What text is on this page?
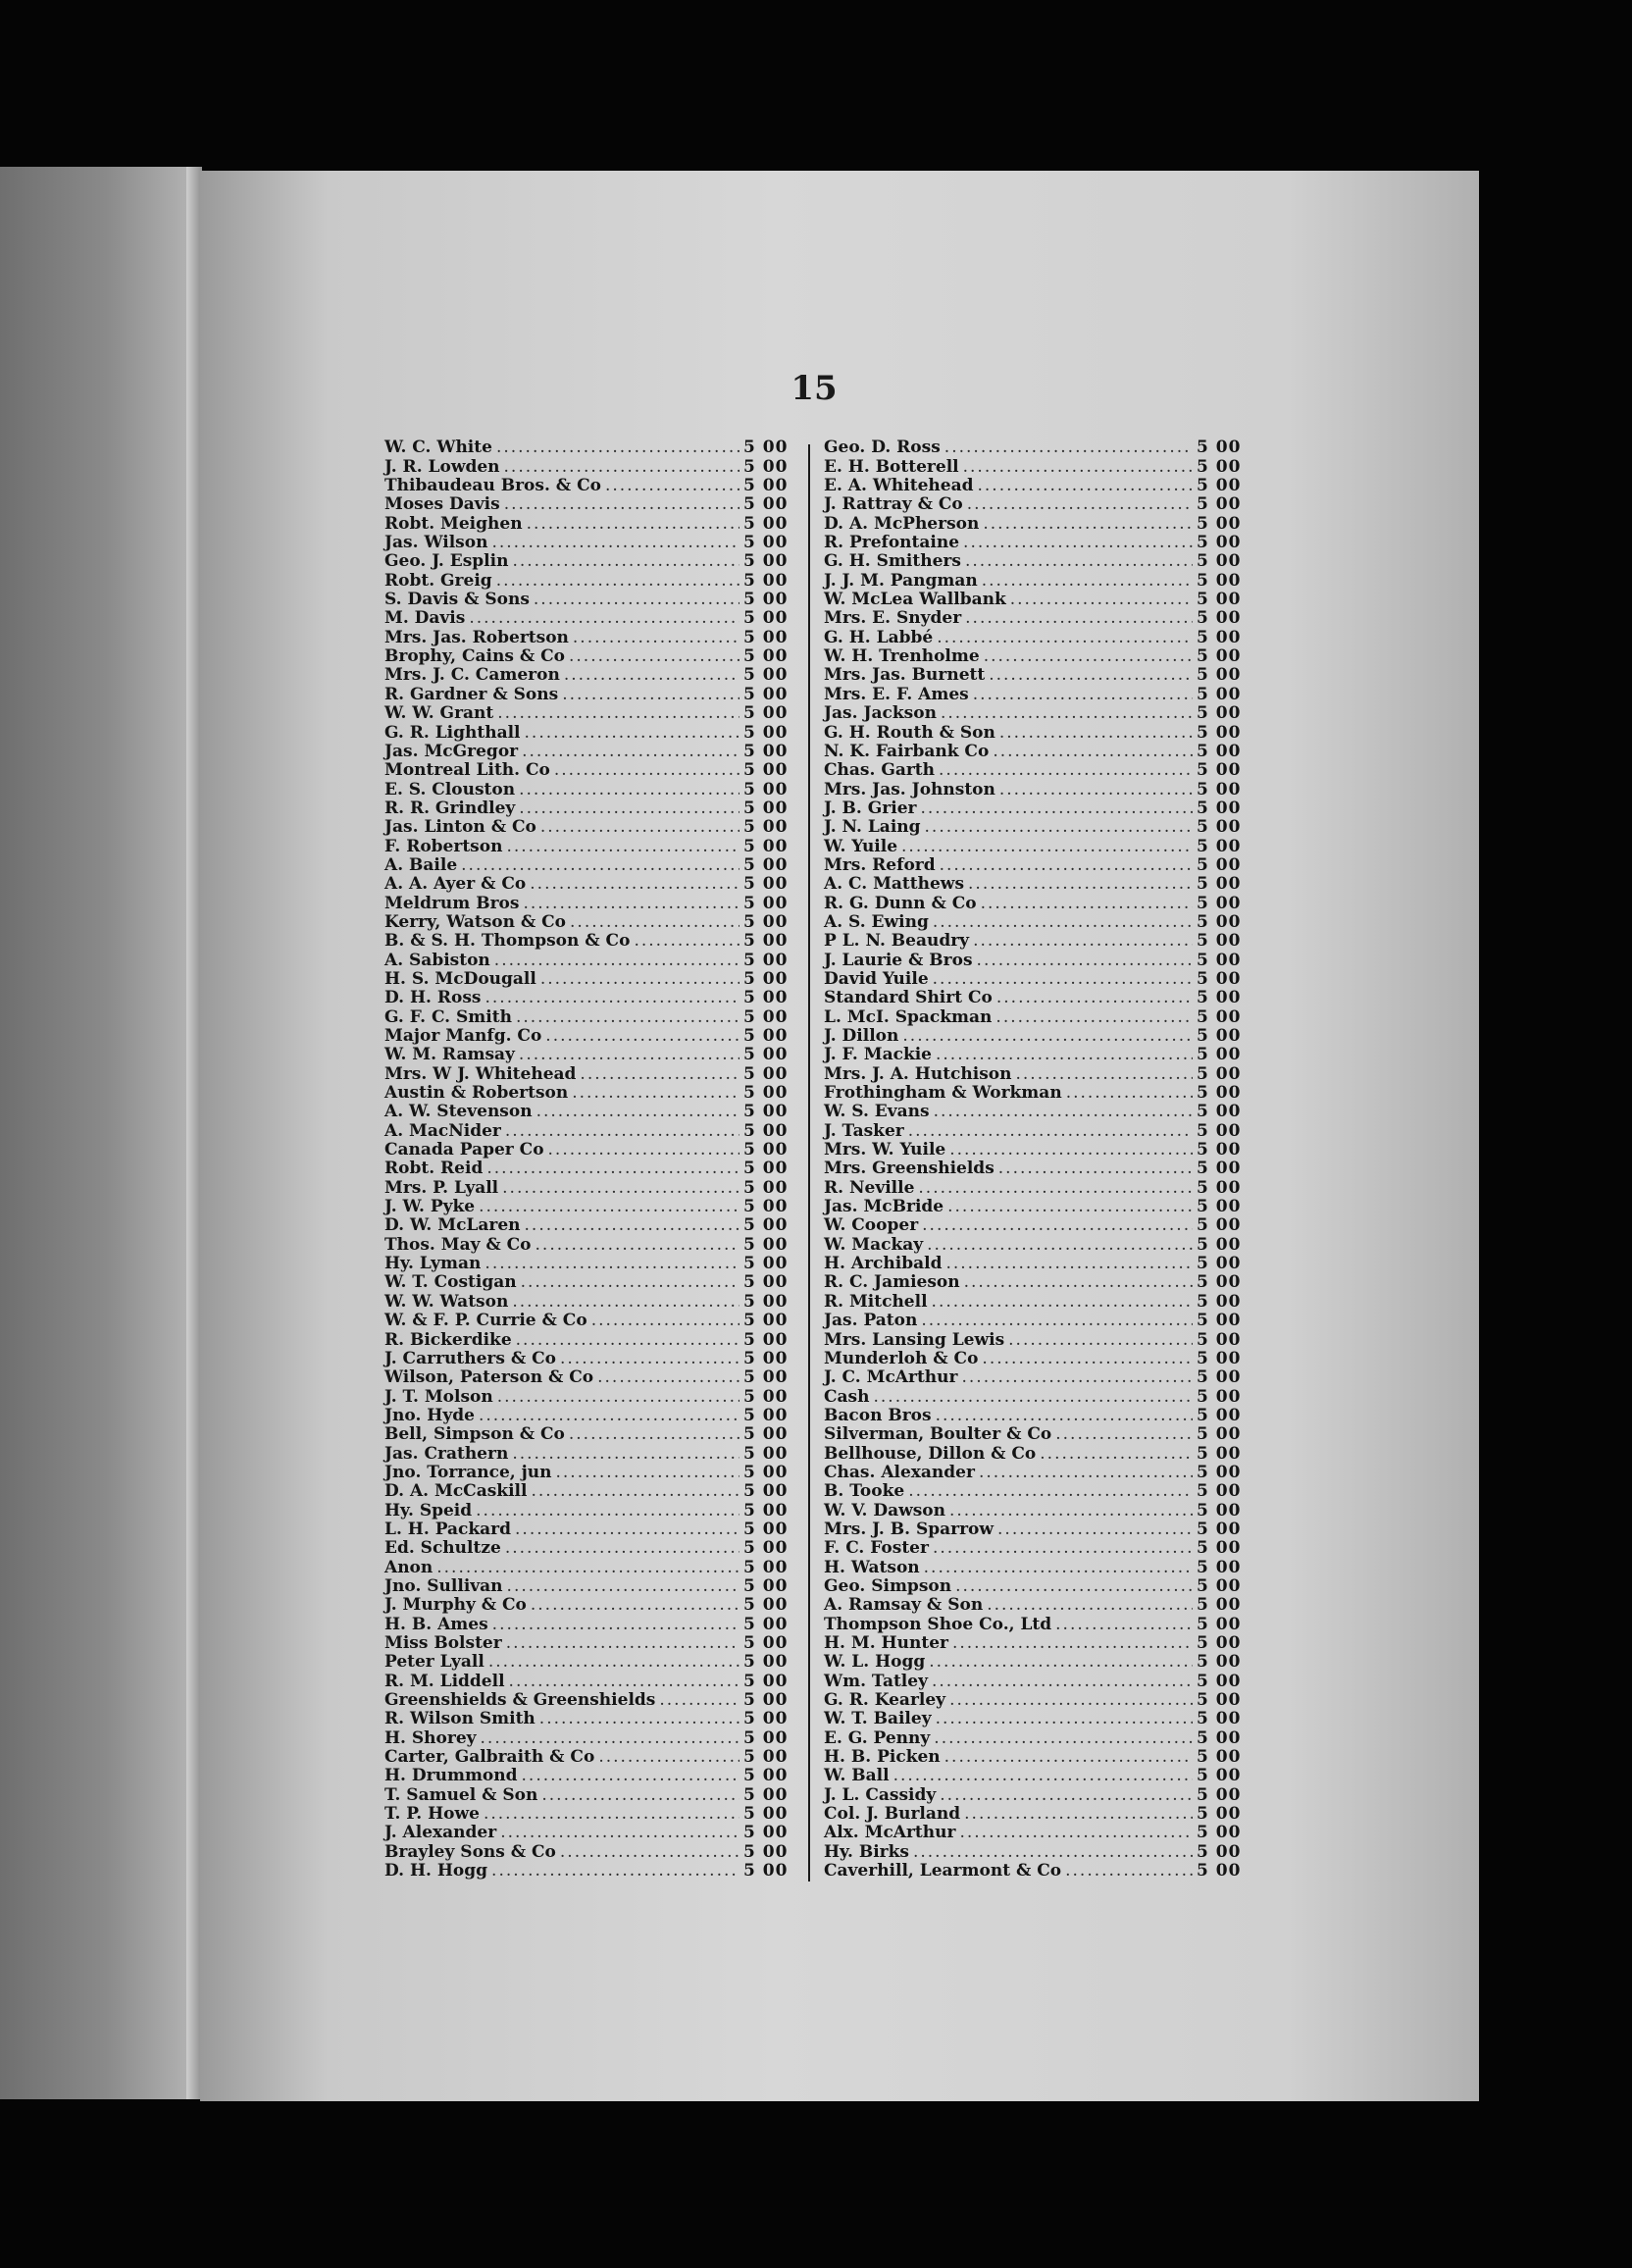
15
W. C. White .....	5 00
J. R. Lowden .....	5 00
Thibaudeau Bros. & Co .....	5 00
Moses Davis .....	5 00
Robt. Meighen .....	5 00
Jas. Wilson .....	5 00
Geo. J. Esplin .....	5 00
Robt. Greig .....	5 00
S. Davis & Sons .....	5 00
M. Davis .....	5 00
Mrs. Jas. Robertson .....	5 00
Brophy, Cains & Co .....	5 00
Mrs. J. C. Cameron .....	5 00
R. Gardner & Sons .....	5 00
W. W. Grant .....	5 00
G. R. Lighthall .....	5 00
Jas. McGregor .....	5 00
Montreal Lith. Co .....	5 00
E. S. Clouston .....	5 00
R. R. Grindley .....	5 00
Jas. Linton & Co .....	5 00
F. Robertson .....	5 00
A. Baile .....	5 00
A. A. Ayer & Co .....	5 00
Meldrum Bros .....	5 00
Kerry, Watson & Co .....	5 00
B. & S. H. Thompson & Co .....	5 00
A. Sabiston .....	5 00
H. S. McDougall .....	5 00
D. H. Ross .....	5 00
G. F. C. Smith .....	5 00
Major Manfg. Co .....	5 00
W. M. Ramsay .....	5 00
Mrs. W J. Whitehead .....	5 00
Austin & Robertson .....	5 00
A. W. Stevenson .....	5 00
A. MacNider .....	5 00
Canada Paper Co .....	5 00
Robt. Reid .....	5 00
Mrs. P. Lyall .....	5 00
J. W. Pyke .....	5 00
D. W. McLaren .....	5 00
Thos. May & Co .....	5 00
Hy. Lyman .....	5 00
W. T. Costigan .....	5 00
W. W. Watson .....	5 00
W. & F. P. Currie & Co .....	5 00
R. Bickerdike .....	5 00
J. Carruthers & Co .....	5 00
Wilson, Paterson & Co .....	5 00
J. T. Molson .....	5 00
Jno. Hyde .....	5 00
Bell, Simpson & Co .....	5 00
Jas. Crathern .....	5 00
Jno. Torrance, jun .....	5 00
D. A. McCaskill .....	5 00
Hy. Speid .....	5 00
L. H. Packard .....	5 00
Ed. Schultze .....	5 00
Anon .....	5 00
Jno. Sullivan .....	5 00
J. Murphy & Co .....	5 00
H. B. Ames .....	5 00
Miss Bolster .....	5 00
Peter Lyall .....	5 00
R. M. Liddell .....	5 00
Greenshields & Greenshields .....	5 00
R. Wilson Smith .....	5 00
H. Shorey .....	5 00
Carter, Galbraith & Co .....	5 00
H. Drummond .....	5 00
T. Samuel & Son .....	5 00
T. P. Howe .....	5 00
J. Alexander .....	5 00
Brayley Sons & Co .....	5 00
D. H. Hogg .....	5 00
Geo. D. Ross .....	5 00
E. H. Botterell .....	5 00
E. A. Whitehead .....	5 00
J. Rattray & Co .....	5 00
D. A. McPherson .....	5 00
R. Prefontaine .....	5 00
G. H. Smithers .....	5 00
J. J. M. Pangman .....	5 00
W. McLea Wallbank .....	5 00
Mrs. E. Snyder .....	5 00
G. H. Labbé .....	5 00
W. H. Trenholme .....	5 00
Mrs. Jas. Burnett .....	5 00
Mrs. E. F. Ames .....	5 00
Jas. Jackson .....	5 00
G. H. Routh & Son .....	5 00
N. K. Fairbank Co .....	5 00
Chas. Garth .....	5 00
Mrs. Jas. Johnston .....	5 00
J. B. Grier .....	5 00
J. N. Laing .....	5 00
W. Yuile .....	5 00
Mrs. Reford .....	5 00
A. C. Matthews .....	5 00
R. G. Dunn & Co .....	5 00
A. S. Ewing .....	5 00
P L. N. Beaudry .....	5 00
J. Laurie & Bros .....	5 00
David Yuile .....	5 00
Standard Shirt Co .....	5 00
L. McI. Spackman .....	5 00
J. Dillon .....	5 00
J. F. Mackie .....	5 00
Mrs. J. A. Hutchison .....	5 00
Frothingham & Workman .....	5 00
W. S. Evans .....	5 00
J. Tasker .....	5 00
Mrs. W. Yuile .....	5 00
Mrs. Greenshields .....	5 00
R. Neville .....	5 00
Jas. McBride .....	5 00
W. Cooper .....	5 00
W. Mackay .....	5 00
H. Archibald .....	5 00
R. C. Jamieson .....	5 00
R. Mitchell .....	5 00
Jas. Paton .....	5 00
Mrs. Lansing Lewis .....	5 00
Munderloh & Co .....	5 00
J. C. McArthur .....	5 00
Cash .....	5 00
Bacon Bros .....	5 00
Silverman, Boulter & Co .....	5 00
Bellhouse, Dillon & Co .....	5 00
Chas. Alexander .....	5 00
B. Tooke .....	5 00
W. V. Dawson .....	5 00
Mrs. J. B. Sparrow .....	5 00
F. C. Foster .....	5 00
H. Watson .....	5 00
Geo. Simpson .....	5 00
A. Ramsay & Son .....	5 00
Thompson Shoe Co., Ltd .....	5 00
H. M. Hunter .....	5 00
W. L. Hogg .....	5 00
Wm. Tatley .....	5 00
G. R. Kearley .....	5 00
W. T. Bailey .....	5 00
E. G. Penny .....	5 00
H. B. Picken .....	5 00
W. Ball .....	5 00
J. L. Cassidy .....	5 00
Col. J. Burland .....	5 00
Alx. McArthur .....	5 00
Hy. Birks .....	5 00
Caverhill, Learmont & Co .....	5 00
